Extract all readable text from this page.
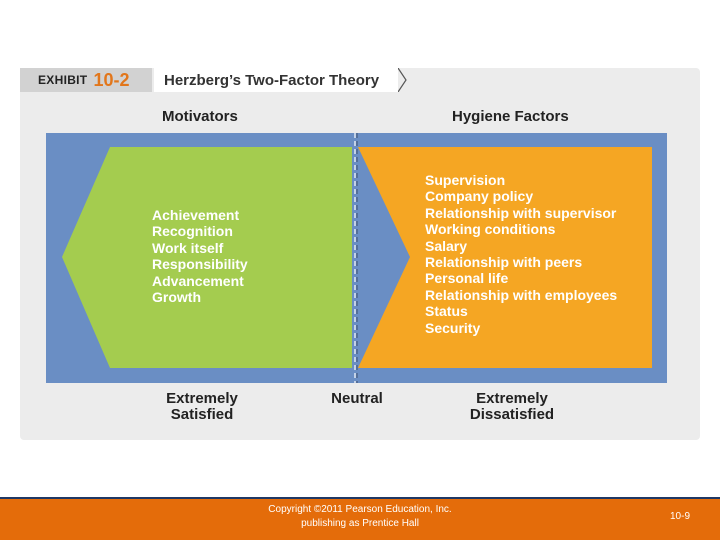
EXHIBIT 10-2	Herzberg’s Two-Factor Theory
Motivators	Hygiene Factors
Achievement
Recognition
Work itself
Responsibility
Advancement
Growth
Supervision
Company policy
Relationship with supervisor
Working conditions
Salary
Relationship with peers
Personal life
Relationship with employees
Status
Security
Extremely
Satisfied
Neutral	Extremely
Dissatisfied
Copyright ©2011 Pearson Education, Inc.
publishing as Prentice Hall
10-9
